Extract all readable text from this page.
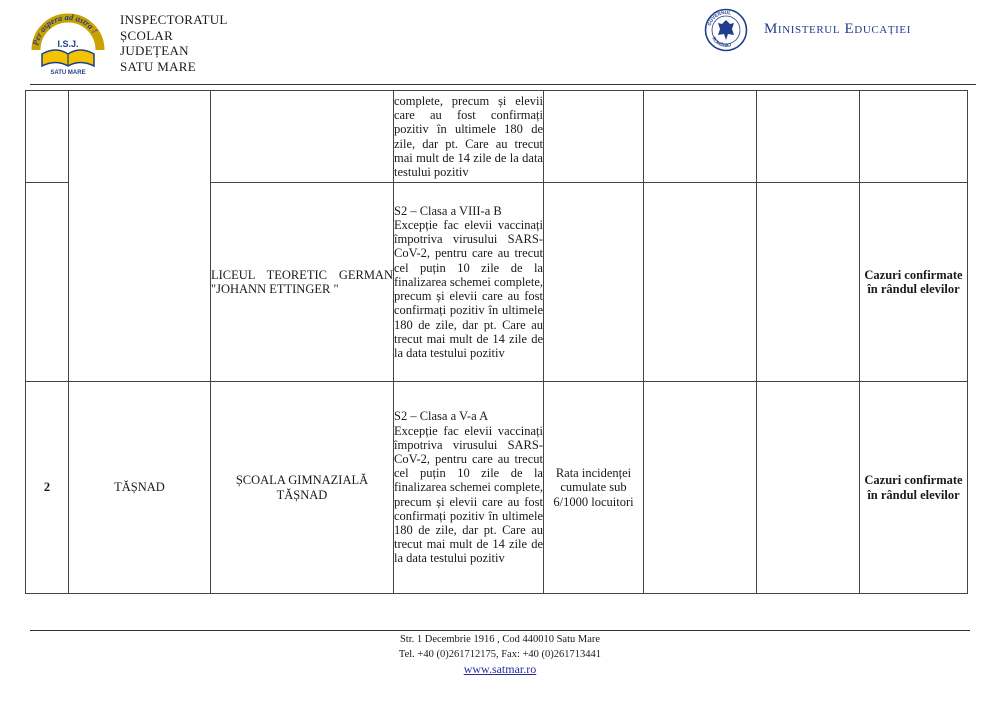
Per aspera ad astra !
I.S.J.
SATU MARE
INSPECTORATUL
ȘCOLAR
JUDEȚEAN
SATU MARE
GUVERNUL
ROMÂNIEI
Ministerul Educației
			complete, precum și elevii care au fost confirmați pozitiv în ultimele 180 de zile, dar pt. Care au trecut mai mult de 14 zile de la data testului pozitiv				
		LICEUL TEORETIC GERMAN "JOHANN ETTINGER "	S2 – Clasa a VIII-a B
Excepție fac elevii vaccinați împotriva virusului SARS-CoV-2, pentru care au trecut cel puțin 10 zile de la finalizarea schemei complete, precum și elevii care au fost confirmați pozitiv în ultimele 180 de zile, dar pt. Care au trecut mai mult de 14 zile de la data testului pozitiv				Cazuri confirmate în rândul elevilor
2	TĂȘNAD	ȘCOALA GIMNAZIALĂ TĂȘNAD	S2 – Clasa a V-a A
Excepție fac elevii vaccinați împotriva virusului SARS-CoV-2, pentru care au trecut cel puțin 10 zile de la finalizarea schemei complete, precum și elevii care au fost confirmați pozitiv în ultimele 180 de zile, dar pt. Care au trecut mai mult de 14 zile de la data testului pozitiv	Rata incidenței cumulate sub 6/1000 locuitori			Cazuri confirmate în rândul elevilor
Str. 1 Decembrie 1916 , Cod 440010 Satu Mare
Tel. +40 (0)261712175, Fax: +40 (0)261713441
www.satmar.ro
